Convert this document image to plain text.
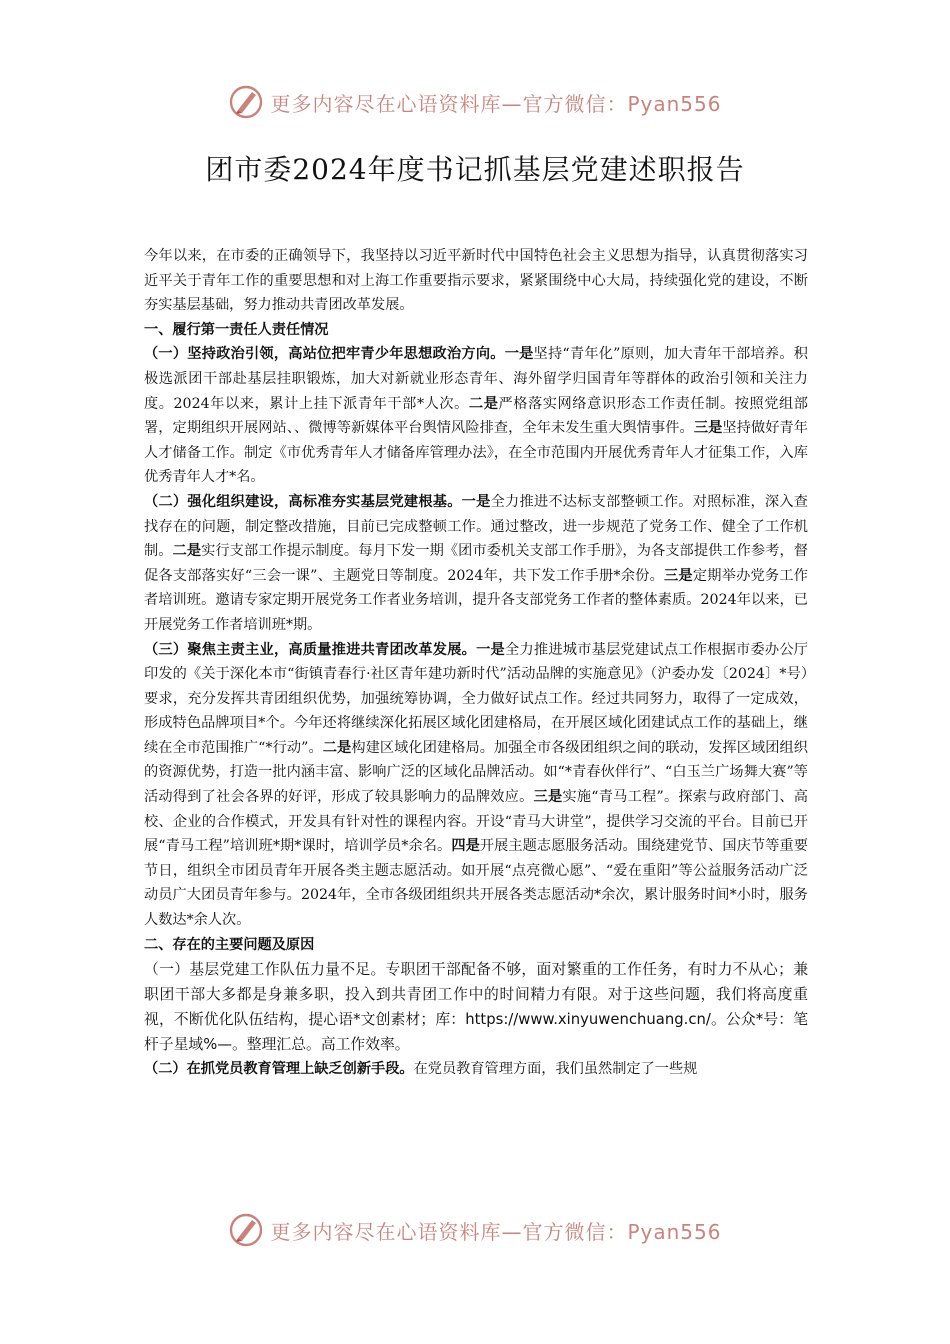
更多内容尽在心语资料库—官方微信：Pyan556
团市委2024年度书记抓基层党建述职报告

今年以来，在市委的正确领导下，我坚持以习近平新时代中国特色社会主义思想为指导，认真贯彻落实习近平关于青年工作的重要思想和对上海工作重要指示要求，紧紧围绕中心大局，持续强化党的建设，不断夯实基层基础，努力推动共青团改革发展。

一、履行第一责任人责任情况

（一）坚持政治引领，高站位把牢青少年思想政治方向。一是坚持“青年化”原则，加大青年干部培养。积极选派团干部赴基层挂职锻炼，加大对新就业形态青年、海外留学归国青年等群体的政治引领和关注力度。2024年以来，累计上挂下派青年干部*人次。二是严格落实网络意识形态工作责任制。按照党组部署，定期组织开展网站、、微博等新媒体平台舆情风险排查，全年未发生重大舆情事件。三是坚持做好青年人才储备工作。制定《市优秀青年人才储备库管理办法》，在全市范围内开展优秀青年人才征集工作，入库优秀青年人才*名。

（二）强化组织建设，高标准夯实基层党建根基。一是全力推进不达标支部整顿工作。对照标准，深入查找存在的问题，制定整改措施，目前已完成整顿工作。通过整改，进一步规范了党务工作、健全了工作机制。二是实行支部工作提示制度。每月下发一期《团市委机关支部工作手册》，为各支部提供工作参考，督促各支部落实好“三会一课”、主题党日等制度。2024年，共下发工作手册*余份。三是定期举办党务工作者培训班。邀请专家定期开展党务工作者业务培训，提升各支部党务工作者的整体素质。2024年以来，已开展党务工作者培训班*期。

（三）聚焦主责主业，高质量推进共青团改革发展。一是全力推进城市基层党建试点工作根据市委办公厅印发的《关于深化本市“街镇青春行·社区青年建功新时代”活动品牌的实施意见》（沪委办发〔2024〕*号）要求，充分发挥共青团组织优势，加强统筹协调，全力做好试点工作。经过共同努力，取得了一定成效，形成特色品牌项目*个。今年还将继续深化拓展区域化团建格局，在开展区域化团建试点工作的基础上，继续在全市范围推广“*行动”。二是构建区域化团建格局。加强全市各级团组织之间的联动，发挥区域团组织的资源优势，打造一批内涵丰富、影响广泛的区域化品牌活动。如“*青春伙伴行”、“白玉兰广场舞大赛”等活动得到了社会各界的好评，形成了较具影响力的品牌效应。三是实施“青马工程”。探索与政府部门、高校、企业的合作模式，开发具有针对性的课程内容。开设“青马大讲堂”，提供学习交流的平台。目前已开展“青马工程”培训班*期*课时，培训学员*余名。四是开展主题志愿服务活动。围绕建党节、国庆节等重要节日，组织全市团员青年开展各类主题志愿活动。如开展“点亮微心愿”、“爱在重阳”等公益服务活动广泛动员广大团员青年参与。2024年，全市各级团组织共开展各类志愿活动*余次，累计服务时间*小时，服务人数达*余人次。

二、存在的主要问题及原因

（一）基层党建工作队伍力量不足。专职团干部配备不够，面对繁重的工作任务，有时力不从心；兼职团干部大多都是身兼多职，投入到共青团工作中的时间精力有限。对于这些问题，我们将高度重视，不断优化队伍结构，提心语*文创素材；库：https://www.xinyuwenchuang.cn/。公众*号：笔杆子星域%—。整理汇总。高工作效率。

（二）在抓党员教育管理上缺乏创新手段。在党员教育管理方面，我们虽然制定了一些规

更多内容尽在心语资料库—官方微信：Pyan556
